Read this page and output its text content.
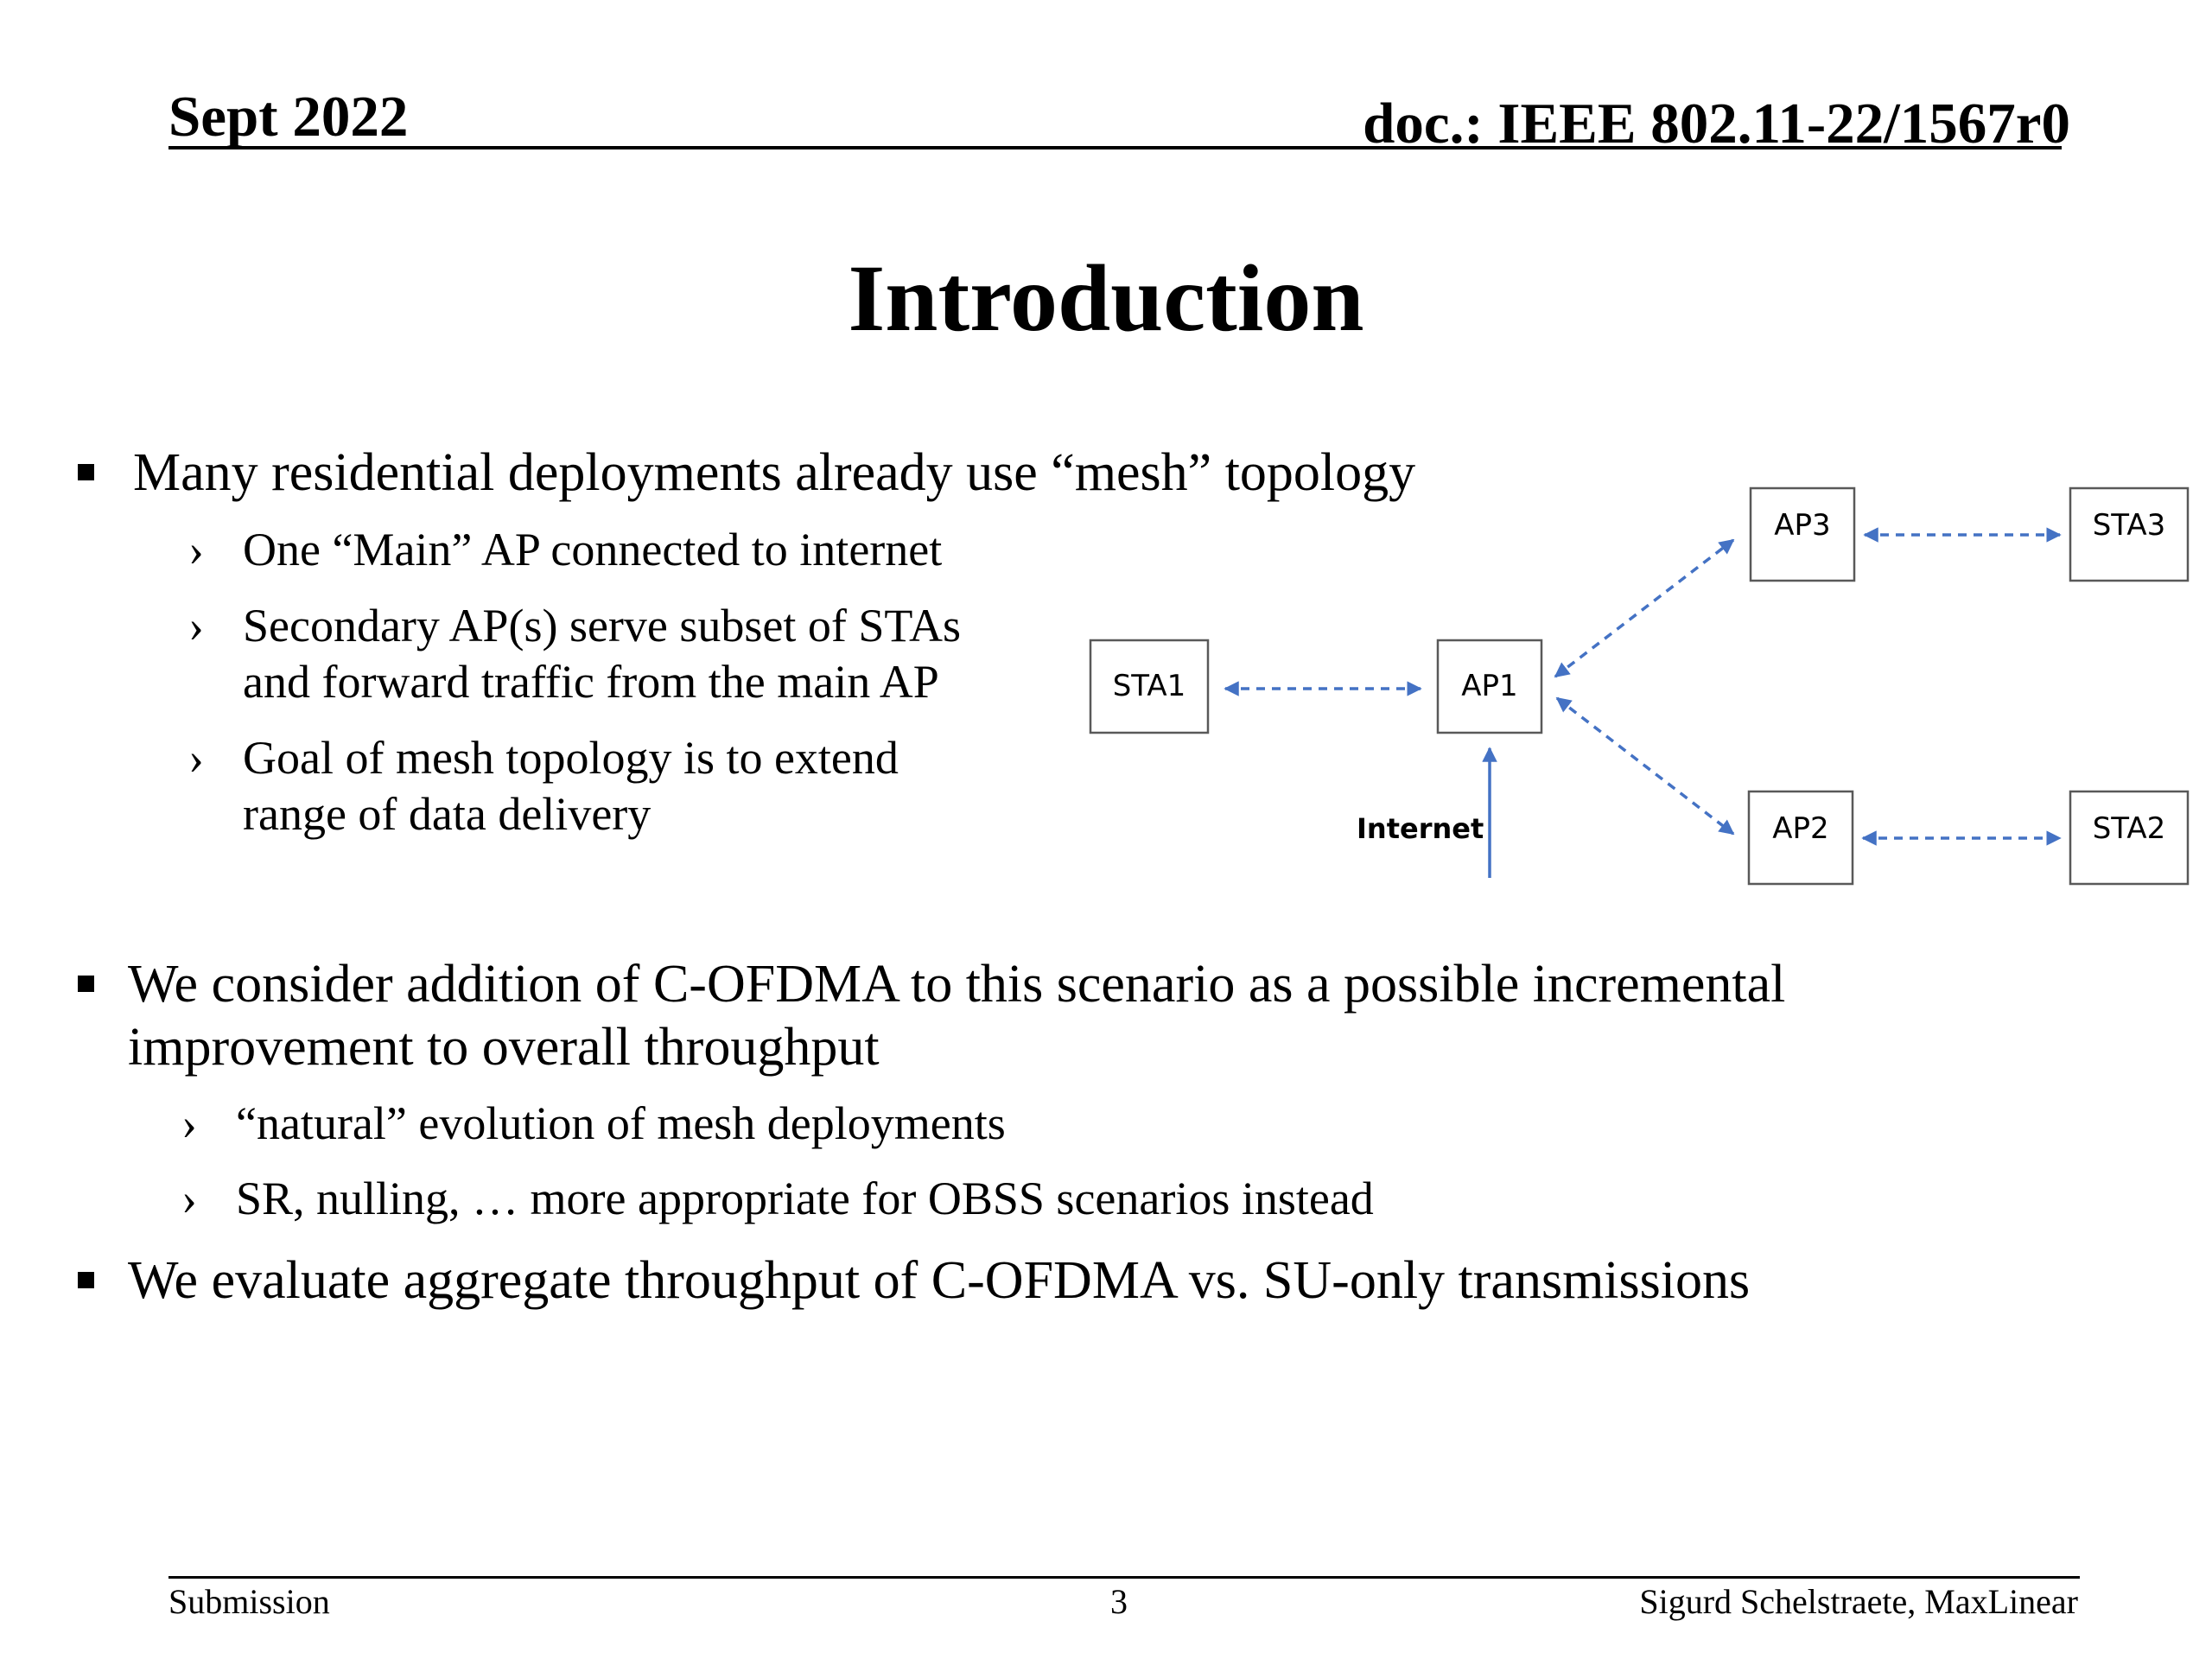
Sept 2022	doc.: IEEE 802.11-22/1567r0
Introduction
Many residential deployments already use “mesh” topology
› One “Main” AP connected to internet
› Secondary AP(s) serve subset of STAs
and forward traffic from the main AP
› Goal of mesh topology is to extend
range of data delivery
We consider addition of C-OFDMA to this scenario as a possible incremental
improvement to overall throughput
› “natural” evolution of mesh deployments
› SR, nulling, … more appropriate for OBSS scenarios instead
We evaluate aggregate throughput of C-OFDMA vs. SU-only transmissions
STA1	AP1
AP3	STA3
AP2	STA2
Internet
Submission	3	Sigurd Schelstraete, MaxLinear
